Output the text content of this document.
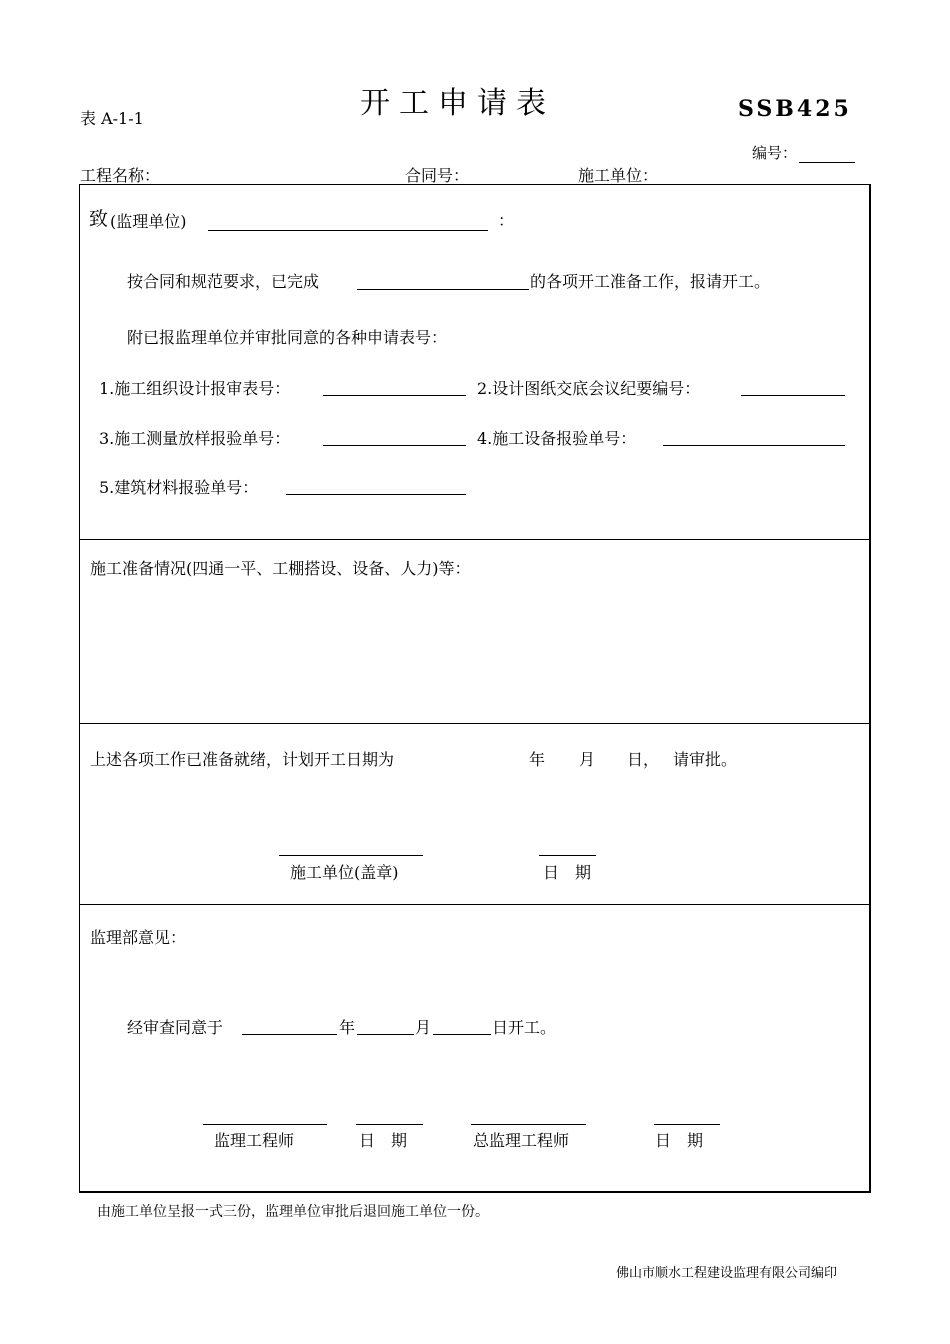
开工申请表
表 A-1-1	SSB425
编号：
工程名称：	合同号：	施工单位：
致 (监理单位)	：
按合同和规范要求，已完成	的各项开工准备工作，报请开工。
附已报监理单位并审批同意的各种申请表号：
1.施工组织设计报审表号：	2.设计图纸交底会议纪要编号：
3.施工测量放样报验单号：	4.施工设备报验单号：
5.建筑材料报验单号：
施工准备情况(四通一平、工棚搭设、设备、人力)等：
上述各项工作已准备就绪，计划开工日期为	年 月 日， 请审批。
施工单位(盖章)	日　期
监理部意见：
经审查同意于	年	月	日开工。
监理工程师	日　期	总监理工程师	日　期
由施工单位呈报一式三份，监理单位审批后退回施工单位一份。
佛山市顺水工程建设监理有限公司编印
